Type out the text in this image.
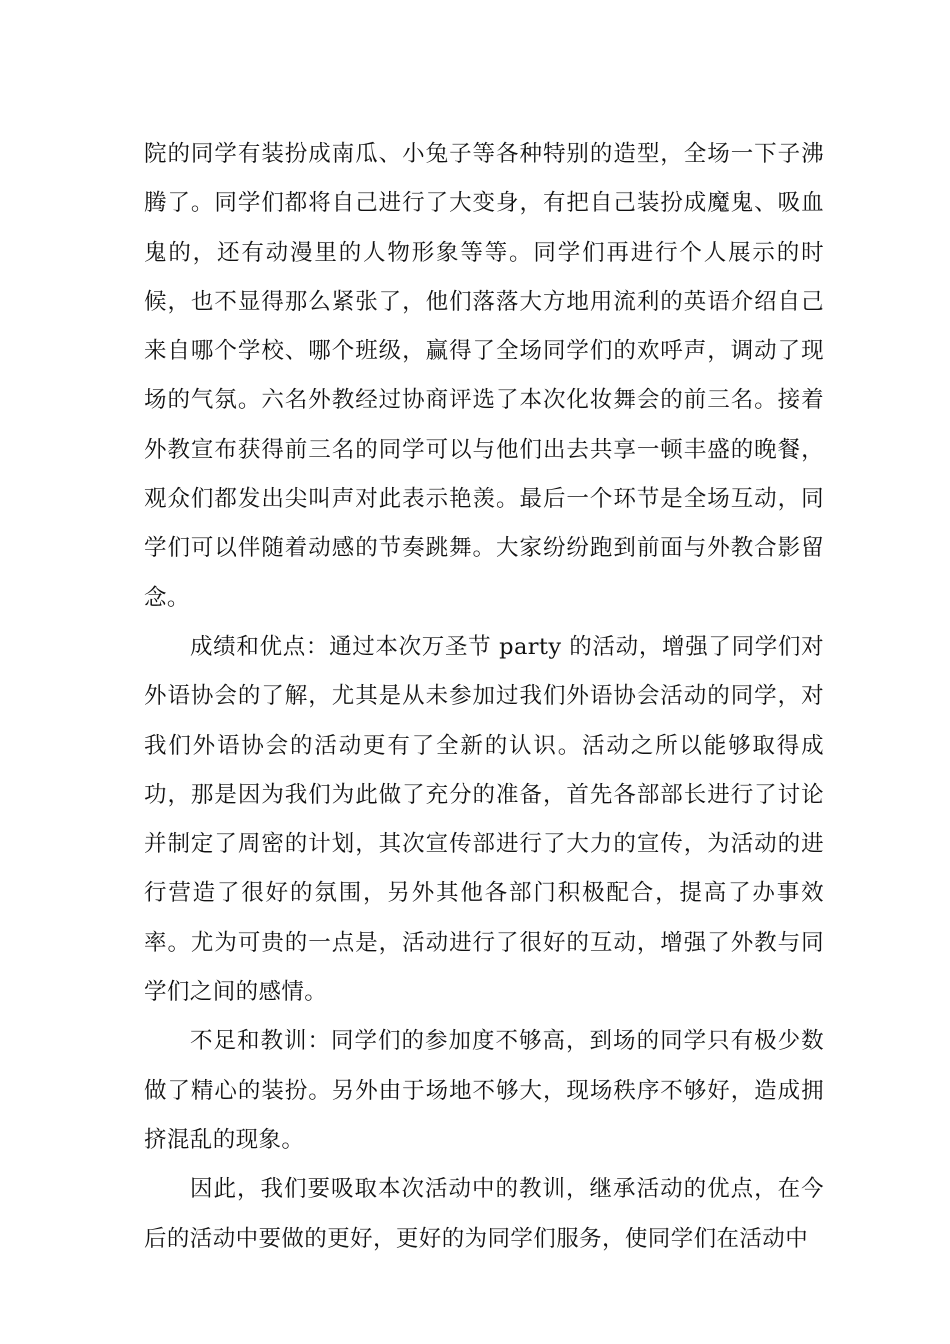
院的同学有装扮成南瓜、小兔子等各种特别的造型，全场一下子沸腾了。同学们都将自己进行了大变身，有把自己装扮成魔鬼、吸血鬼的，还有动漫里的人物形象等等。同学们再进行个人展示的时候，也不显得那么紧张了，他们落落大方地用流利的英语介绍自己来自哪个学校、哪个班级，赢得了全场同学们的欢呼声，调动了现场的气氛。六名外教经过协商评选了本次化妆舞会的前三名。接着外教宣布获得前三名的同学可以与他们出去共享一顿丰盛的晚餐，观众们都发出尖叫声对此表示艳羡。最后一个环节是全场互动，同学们可以伴随着动感的节奏跳舞。大家纷纷跑到前面与外教合影留念。

成绩和优点：通过本次万圣节 party 的活动，增强了同学们对外语协会的了解，尤其是从未参加过我们外语协会活动的同学，对我们外语协会的活动更有了全新的认识。活动之所以能够取得成功，那是因为我们为此做了充分的准备，首先各部部长进行了讨论并制定了周密的计划，其次宣传部进行了大力的宣传，为活动的进行营造了很好的氛围，另外其他各部门积极配合，提高了办事效率。尤为可贵的一点是，活动进行了很好的互动，增强了外教与同学们之间的感情。

不足和教训：同学们的参加度不够高，到场的同学只有极少数做了精心的装扮。另外由于场地不够大，现场秩序不够好，造成拥挤混乱的现象。

因此，我们要吸取本次活动中的教训，继承活动的优点，在今后的活动中要做的更好，更好的为同学们服务，使同学们在活动中
